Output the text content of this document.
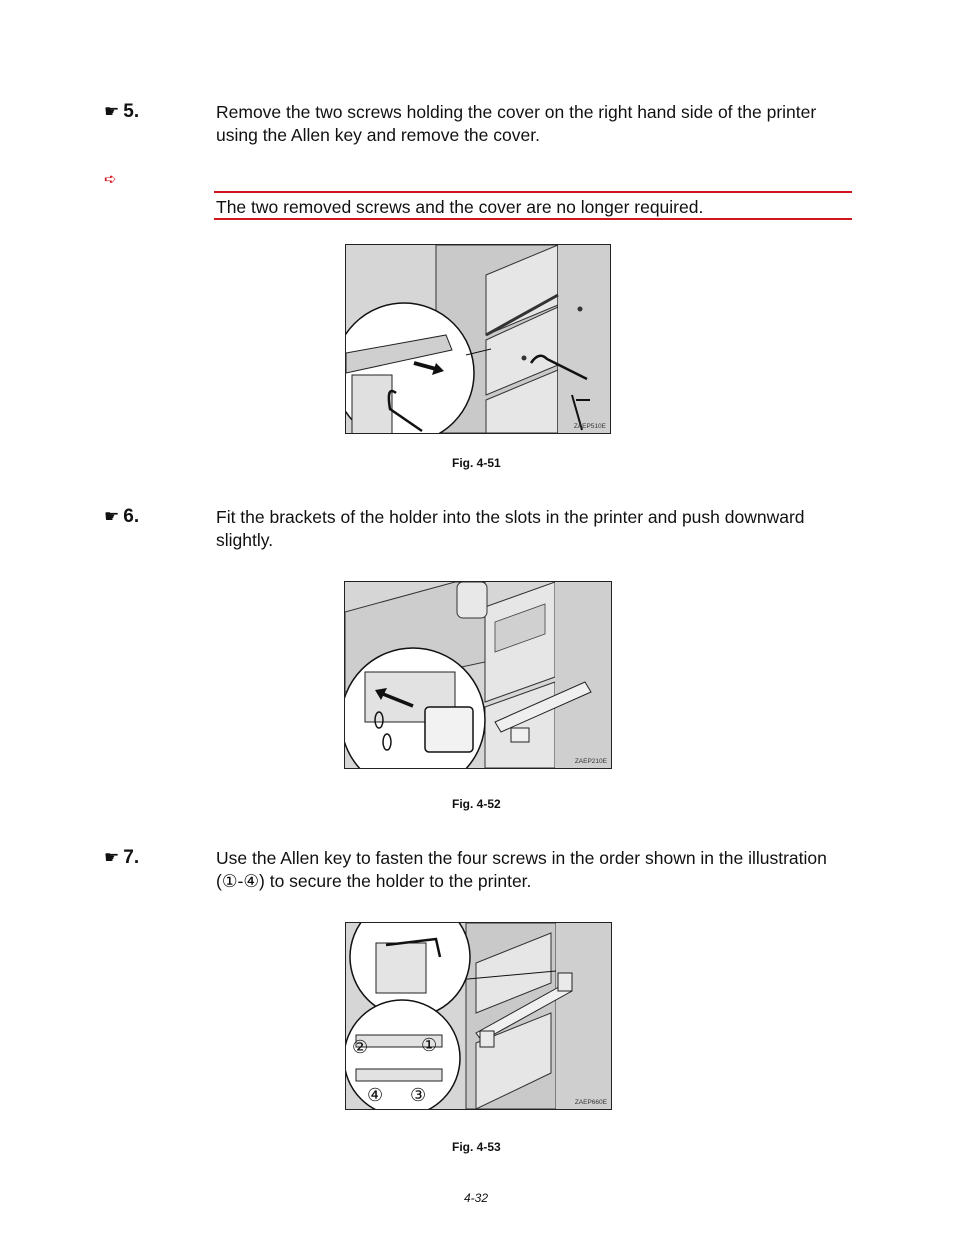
☛ 5.	Remove the two screws holding the cover on the right hand side of the printer using the Allen key and remove the cover.
➪
The two removed screws and the cover are no longer required.
ZAEP510E
Fig. 4-51
☛ 6.	Fit the brackets of the holder into the slots in the printer and push downward slightly.
ZAEP210E
Fig. 4-52
☛ 7.	Use the Allen key to fasten the four screws in the order shown in the illustration (①-④) to secure the holder to the printer.
②	①
④ ③	ZAEP660E
Fig. 4-53
4-32
